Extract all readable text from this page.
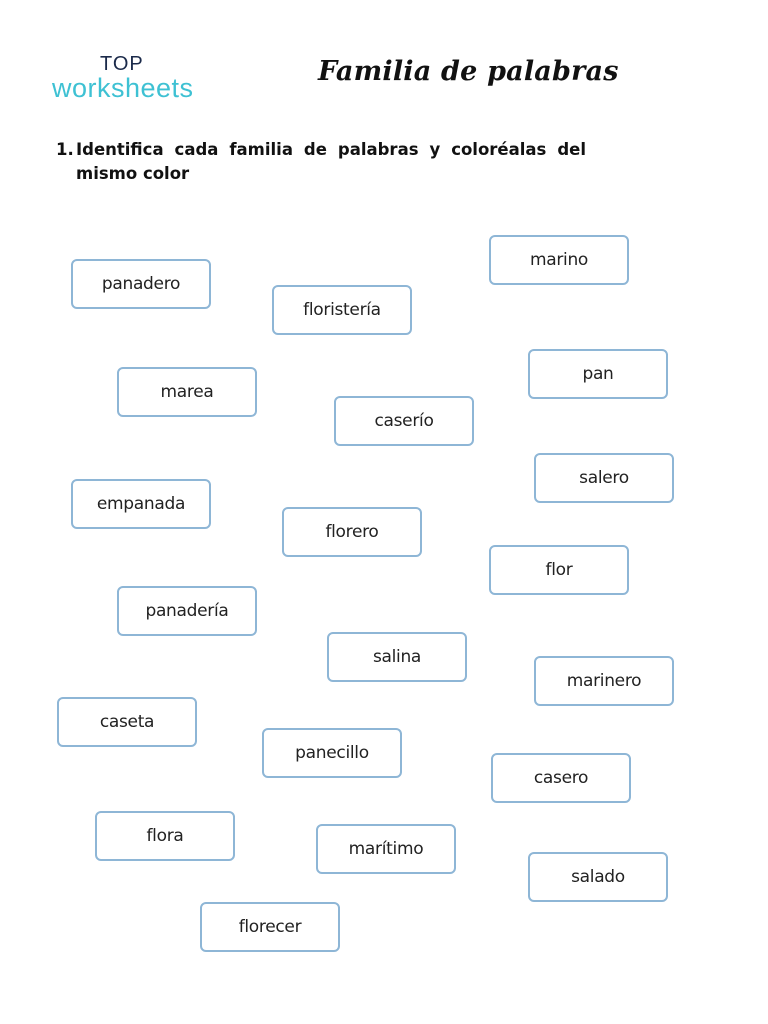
TOP
worksheets
Familia de palabras
1. Identifica cada familia de palabras y coloréalas del mismo color
panadero
floristería
marino
marea
pan
caserío
salero
empanada
florero
flor
panadería
salina
marinero
caseta
panecillo
casero
flora
marítimo
salado
florecer
